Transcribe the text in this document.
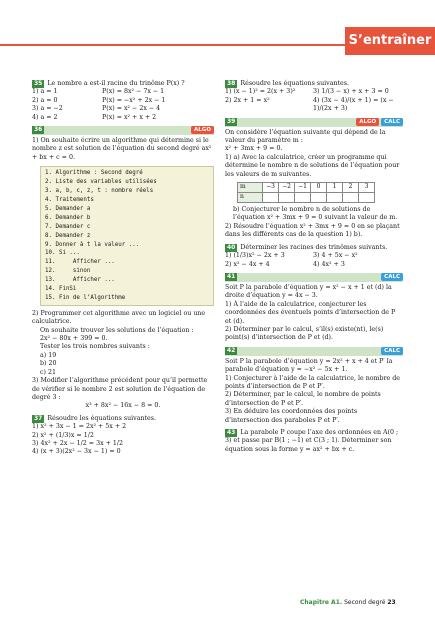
S’entraîner
35 Le nombre a est-il racine du trinôme P(x) ?
1) a = 1	P(x) = 8x² − 7x − 1
2) a = 0	P(x) = −x² + 2x − 1
3) a = −2	P(x) = x² − 2x − 4
4) a = 2	P(x) = x² + x + 2
36	ALGO
1) On souhaite écrire un algorithme qui détermine si le nombre z est solution de l’équation du second degré ax² + bx + c = 0.
1. Algorithme : Second degré
2. Liste des variables utilisées
3. a, b, c, z, t : nombre réels
4. Traitements
5. Demander a
6. Demander b
7. Demander c
8. Demander z
9. Donner à t la valeur ...
10. Si ...
11.     Afficher ...
12.     sinon
13.     Afficher ...
14. FinSi
15. Fin de l’Algorithme
2) Programmer cet algorithme avec un logiciel ou une calculatrice.
On souhaite trouver les solutions de l’équation :
2x² − 80x + 399 = 0.
Tester les trois nombres suivants :
a) 19
b) 20
c) 21
3) Modifier l’algorithme précédent pour qu’il permette de vérifier si le nombre 2 est solution de l’équation de degré 3 :
x³ + 8x² − 16x − 8 = 0.
37 Résoudre les équations suivantes.
1) x² + 3x − 1 = 2x² + 5x + 2
2) x² + (1/3)x = 1/2
3) 4x² + 2x − 1/2 = 3x + 1/2
4) (x + 3)(2x² − 3x − 1) = 0
38 Résoudre les équations suivantes.
1) (x − 1)² = 2(x + 3)²	3) 1/(3 − x) + x + 3 = 0
2) 2x + 1 = x²	4) (3x − 4)/(x + 1) = (x − 1)/(2x + 3)
39	ALGO CALC
On considère l’équation suivante qui dépend de la valeur du paramètre m :
x² + 3mx + 9 = 0.
1) a) Avec la calculatrice, créer un programme qui détermine le nombre n de solutions de l’équation pour les valeurs de m suivantes.
m	−3	−2	−1	0	1	2	3
n							
b) Conjecturer le nombre n de solutions de l’équation x² + 3mx + 9 = 0 suivant la valeur de m.
2) Résoudre l’équation x² + 3mx + 9 = 0 en se plaçant dans les différents cas de la question 1) b).
40 Déterminer les racines des trinômes suivants.
1) (1/3)x² − 2x + 3	3) 4 + 5x − x²
2) x² − 4x + 4	4) 4x² + 3
41	CALC
Soit P la parabole d’équation y = x² − x + 1 et (d) la droite d’équation y = 4x − 3.
1) À l’aide de la calculatrice, conjecturer les coordonnées des éventuels points d’intersection de P et (d).
2) Déterminer par le calcul, s’il(s) existe(nt), le(s) point(s) d’intersection de P et (d).
42	CALC
Soit P la parabole d’équation y = 2x² + x + 4 et P′ la parabole d’équation y = −x² − 5x + 1.
1) Conjecturer à l’aide de la calculatrice, le nombre de points d’intersection de P et P′.
2) Déterminer, par le calcul, le nombre de points d’intersection de P et P′.
3) En déduire les coordonnées des points d’intersection des paraboles P et P′.
43 La parabole P coupe l’axe des ordonnées en A(0 ; 3) et passe par B(1 ; −1) et C(3 ; 1). Déterminer son équation sous la forme y = ax² + bx + c.
Chapitre A1. Second degré 23
